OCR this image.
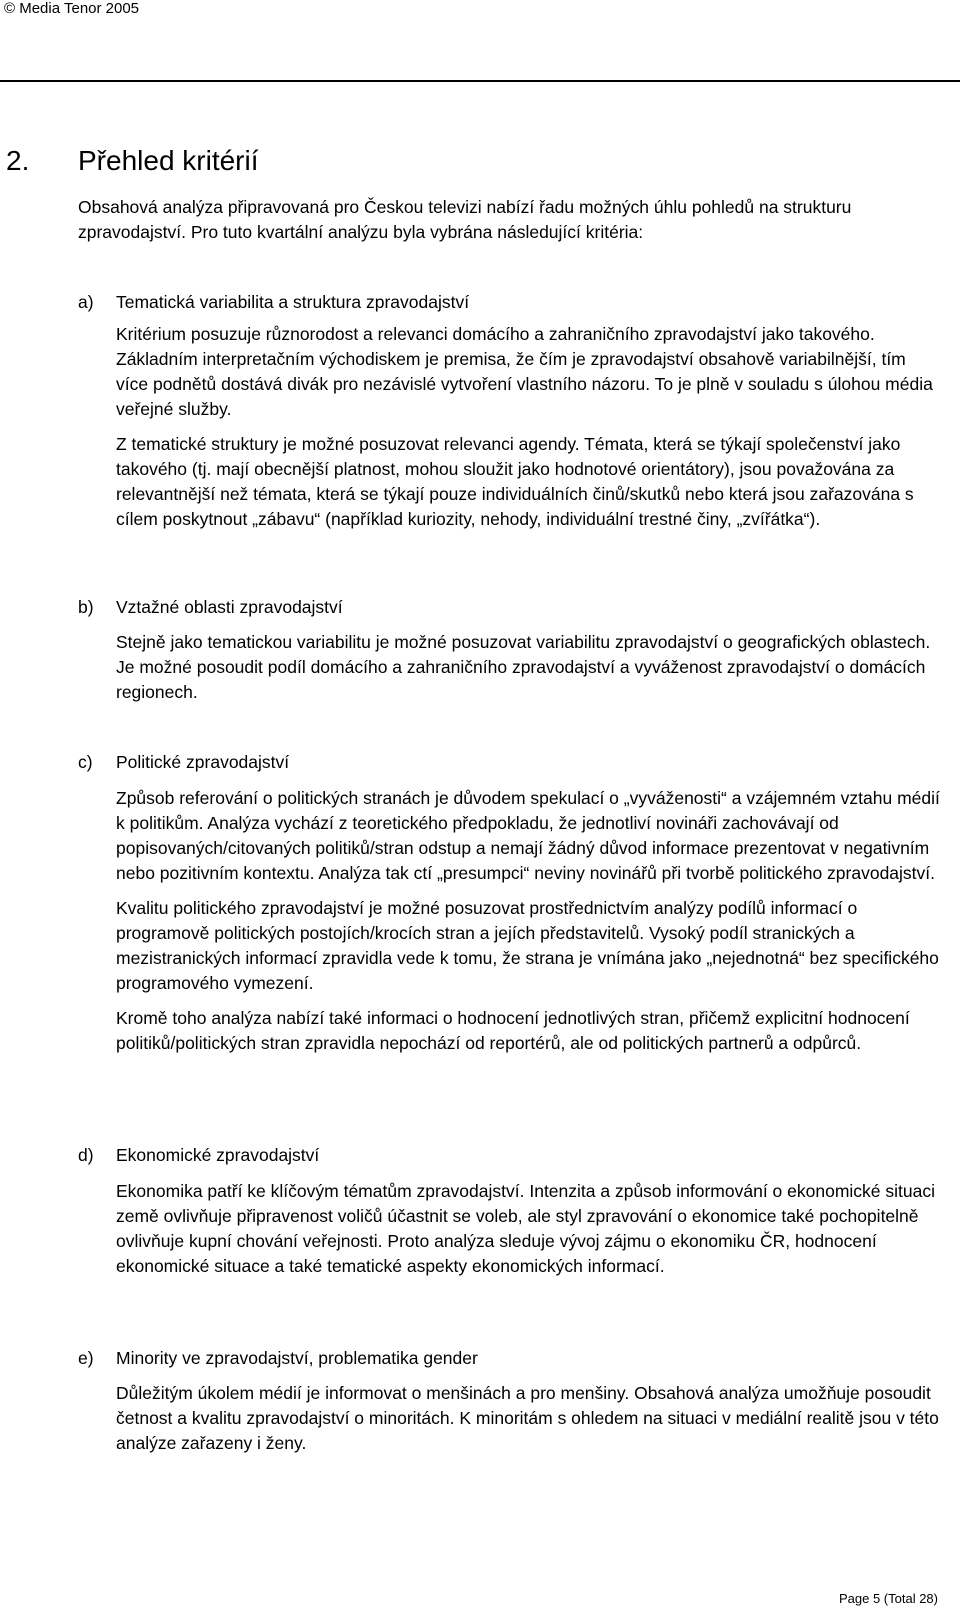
© Media Tenor 2005
2. Přehled kritérií
Obsahová analýza připravovaná pro Českou televizi nabízí řadu možných úhlu pohledů na strukturu zpravodajství. Pro tuto kvartální analýzu byla vybrána následující kritéria:
a) Tematická variabilita a struktura zpravodajství

Kritérium posuzuje různorodost a relevanci domácího a zahraničního zpravodajství jako takového. Základním interpretačním východiskem je premisa, že čím je zpravodajství obsahově variabilnější, tím více podnětů dostává divák pro nezávislé vytvoření vlastního názoru. To je plně v souladu s úlohou média veřejné služby.

Z tematické struktury je možné posuzovat relevanci agendy. Témata, která se týkají společenství jako takového (tj. mají obecnější platnost, mohou sloužit jako hodnotové orientátory), jsou považována za relevantnější než témata, která se týkají pouze individuálních činů/skutků nebo která jsou zařazována s cílem poskytnout „zábavu“ (například kuriozity, nehody, individuální trestné činy, „zvířátka“).

b) Vztažné oblasti zpravodajství

Stejně jako tematickou variabilitu je možné posuzovat variabilitu zpravodajství o geografických oblastech. Je možné posoudit podíl domácího a zahraničního zpravodajství a vyváženost zpravodajství o domácích regionech.

c) Politické zpravodajství

Způsob referování o politických stranách je důvodem spekulací o „vyváženosti“ a vzájemném vztahu médií k politikům. Analýza vychází z teoretického předpokladu, že jednotliví novináři zachovávají od popisovaných/citovaných politiků/stran odstup a nemají žádný důvod informace prezentovat v negativním nebo pozitivním kontextu. Analýza tak ctí „presumpci“ neviny novinářů při tvorbě politického zpravodajství.

Kvalitu politického zpravodajství je možné posuzovat prostřednictvím analýzy podílů informací o programově politických postojích/krocích stran a jejích představitelů. Vysoký podíl stranických a mezistranických informací zpravidla vede k tomu, že strana je vnímána jako „nejednotná“ bez specifického programového vymezení.

Kromě toho analýza nabízí také informaci o hodnocení jednotlivých stran, přičemž explicitní hodnocení politiků/politických stran zpravidla nepochází od reportérů, ale od politických partnerů a odpůrců.

d) Ekonomické zpravodajství

Ekonomika patří ke klíčovým tématům zpravodajství. Intenzita a způsob informování o ekonomické situaci země ovlivňuje připravenost voličů účastnit se voleb, ale styl zpravování o ekonomice také pochopitelně ovlivňuje kupní chování veřejnosti. Proto analýza sleduje vývoj zájmu o ekonomiku ČR, hodnocení ekonomické situace a také tematické aspekty ekonomických informací.

e) Minority ve zpravodajství, problematika gender

Důležitým úkolem médií je informovat o menšinách a pro menšiny. Obsahová analýza umožňuje posoudit četnost a kvalitu zpravodajství o minoritách. K minoritám s ohledem na situaci v mediální realitě jsou v této analýze zařazeny i ženy.

Page 5 (Total 28)
